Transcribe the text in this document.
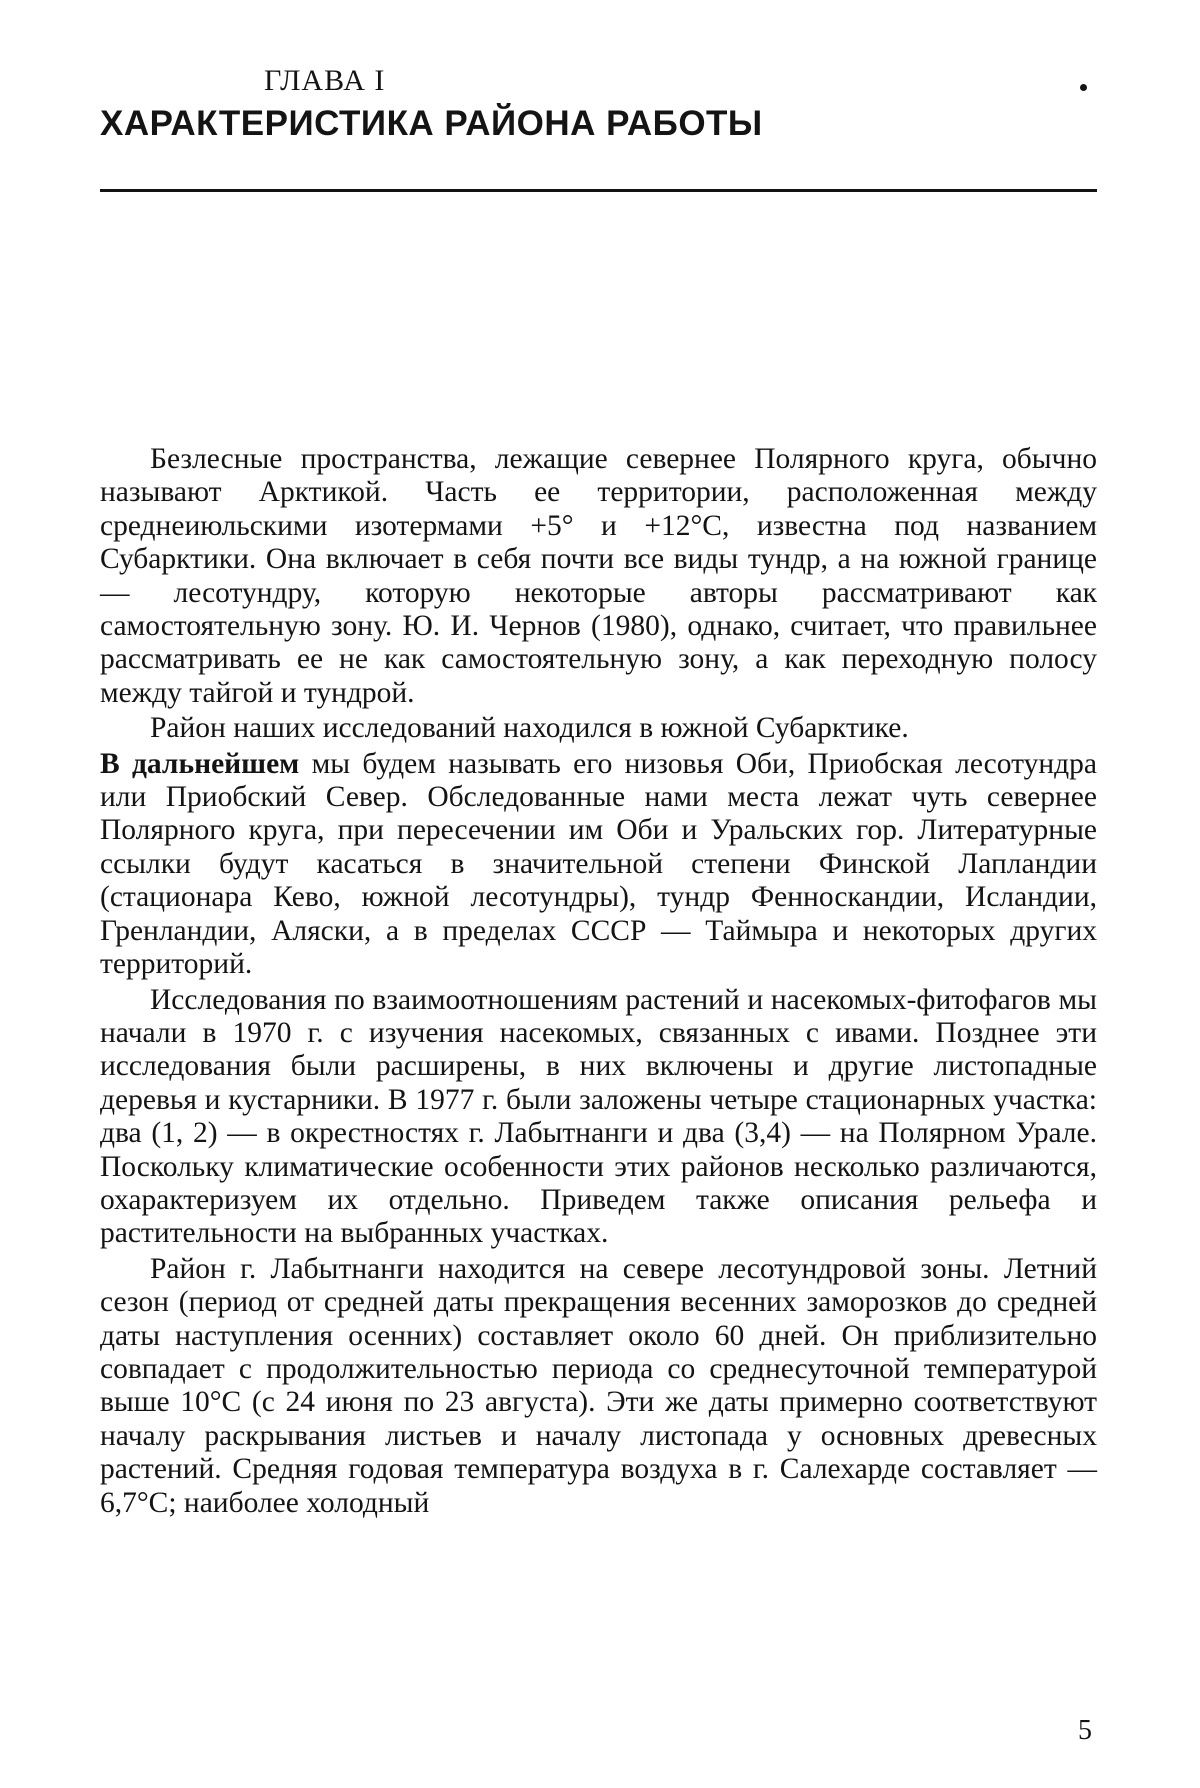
ГЛАВА I
ХАРАКТЕРИСТИКА РАЙОНА РАБОТЫ

Безлесные пространства, лежащие севернее Полярного круга, обычно называют Арктикой. Часть ее территории, расположенная между среднеиюльскими изотермами +5° и +12°С, известна под названием Субарктики. Она включает в себя почти все виды тундр, а на южной границе — лесотундру, которую некоторые авторы рассматривают как самостоятельную зону. Ю. И. Чернов (1980), однако, считает, что правильнее рассматривать ее не как самостоятельную зону, а как переходную полосу между тайгой и тундрой.

Район наших исследований находился в южной Субарктике.

В дальнейшем мы будем называть его низовья Оби, Приобская лесотундра или Приобский Север. Обследованные нами места лежат чуть севернее Полярного круга, при пересечении им Оби и Уральских гор. Литературные ссылки будут касаться в значительной степени Финской Лапландии (стационара Кево, южной лесотундры), тундр Фенноскандии, Исландии, Гренландии, Аляски, а в пределах СССР — Таймыра и некоторых других территорий.

Исследования по взаимоотношениям растений и насекомых-фитофагов мы начали в 1970 г. с изучения насекомых, связанных с ивами. Позднее эти исследования были расширены, в них включены и другие листопадные деревья и кустарники. В 1977 г. были заложены четыре стационарных участка: два (1, 2) — в окрестностях г. Лабытнанги и два (3,4) — на Полярном Урале. Поскольку климатические особенности этих районов несколько различаются, охарактеризуем их отдельно. Приведем также описания рельефа и растительности на выбранных участках.

Район г. Лабытнанги находится на севере лесотундровой зоны. Летний сезон (период от средней даты прекращения весенних заморозков до средней даты наступления осенних) составляет около 60 дней. Он приблизительно совпадает с продолжительностью периода со среднесуточной температурой выше 10°С (с 24 июня по 23 августа). Эти же даты примерно соответствуют началу раскрывания листьев и началу листопада у основных древесных растений. Средняя годовая температура воздуха в г. Салехарде составляет —6,7°С; наиболее холодный

5
